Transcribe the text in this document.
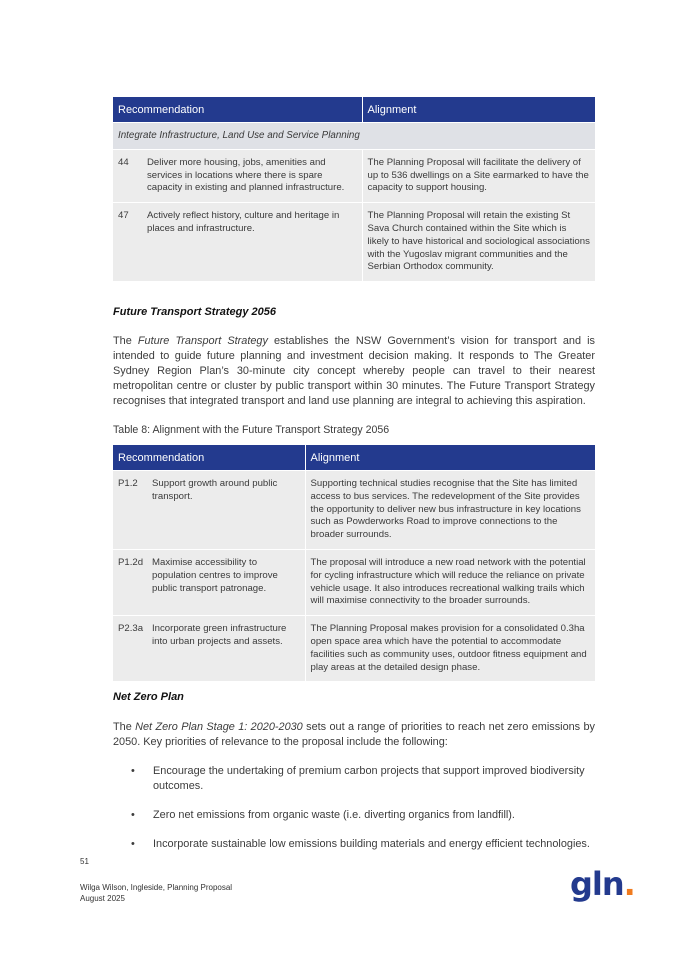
Recommendation		Alignment
Integrate Infrastructure, Land Use and Service Planning		
44	Deliver more housing, jobs, amenities and services in locations where there is spare capacity in existing and planned infrastructure.	The Planning Proposal will facilitate the delivery of up to 536 dwellings on a Site earmarked to have the capacity to support housing.
47	Actively reflect history, culture and heritage in places and infrastructure.	The Planning Proposal will retain the existing St Sava Church contained within the Site which is likely to have historical and sociological associations with the Yugoslav migrant communities and the Serbian Orthodox community.
Future Transport Strategy 2056

The Future Transport Strategy establishes the NSW Government’s vision for transport and is intended to guide future planning and investment decision making. It responds to The Greater Sydney Region Plan’s 30-minute city concept whereby people can travel to their nearest metropolitan centre or cluster by public transport within 30 minutes. The Future Transport Strategy recognises that integrated transport and land use planning are integral to achieving this aspiration.

Table 8: Alignment with the Future Transport Strategy 2056
Recommendation		Alignment
P1.2	Support growth around public transport.	Supporting technical studies recognise that the Site has limited access to bus services. The redevelopment of the Site provides the opportunity to deliver new bus infrastructure in key locations such as Powderworks Road to improve connections to the broader surrounds.
P1.2d	Maximise accessibility to population centres to improve public transport patronage.	The proposal will introduce a new road network with the potential for cycling infrastructure which will reduce the reliance on private vehicle usage. It also introduces recreational walking trails which will maximise connectivity to the broader surrounds.
P2.3a	Incorporate green infrastructure into urban projects and assets.	The Planning Proposal makes provision for a consolidated 0.3ha open space area which have the potential to accommodate facilities such as community uses, outdoor fitness equipment and play areas at the detailed design phase.
Net Zero Plan

The Net Zero Plan Stage 1: 2020-2030 sets out a range of priorities to reach net zero emissions by 2050. Key priorities of relevance to the proposal include the following:

• Encourage the undertaking of premium carbon projects that support improved biodiversity outcomes.
• Zero net emissions from organic waste (i.e. diverting organics from landfill).
• Incorporate sustainable low emissions building materials and energy efficient technologies.
51
Wilga Wilson, Ingleside, Planning Proposal
August 2025	gln.
